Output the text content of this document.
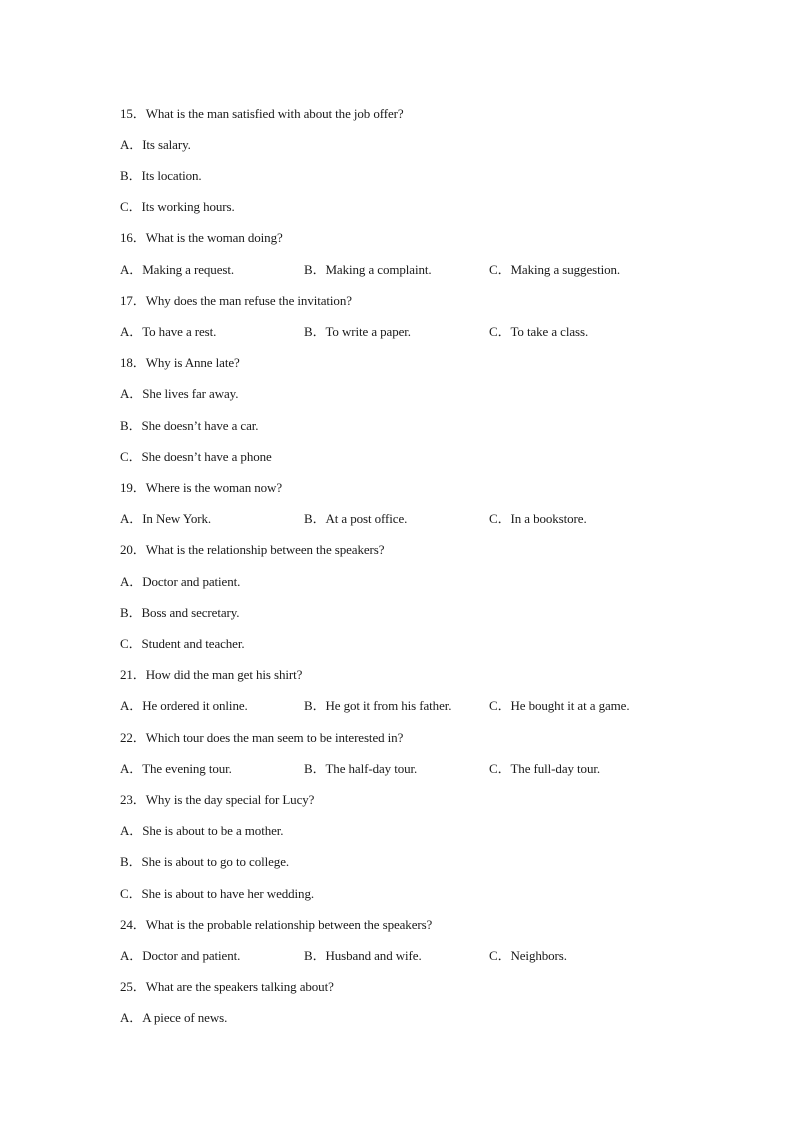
15．What is the man satisfied with about the job offer?
A．Its salary.
B．Its location.
C．Its working hours.
16．What is the woman doing?
A．Making a request.	B．Making a complaint.	C．Making a suggestion.
17．Why does the man refuse the invitation?
A．To have a rest.	B．To write a paper.	C．To take a class.
18．Why is Anne late?
A．She lives far away.
B．She doesn’t have a car.
C．She doesn’t have a phone
19．Where is the woman now?
A．In New York.	B．At a post office.	C．In a bookstore.
20．What is the relationship between the speakers?
A．Doctor and patient.
B．Boss and secretary.
C．Student and teacher.
21．How did the man get his shirt?
A．He ordered it online.	B．He got it from his father.	C．He bought it at a game.
22．Which tour does the man seem to be interested in?
A．The evening tour.	B．The half-day tour.	C．The full-day tour.
23．Why is the day special for Lucy?
A．She is about to be a mother.
B．She is about to go to college.
C．She is about to have her wedding.
24．What is the probable relationship between the speakers?
A．Doctor and patient.	B．Husband and wife.	C．Neighbors.
25．What are the speakers talking about?
A．A piece of news.
